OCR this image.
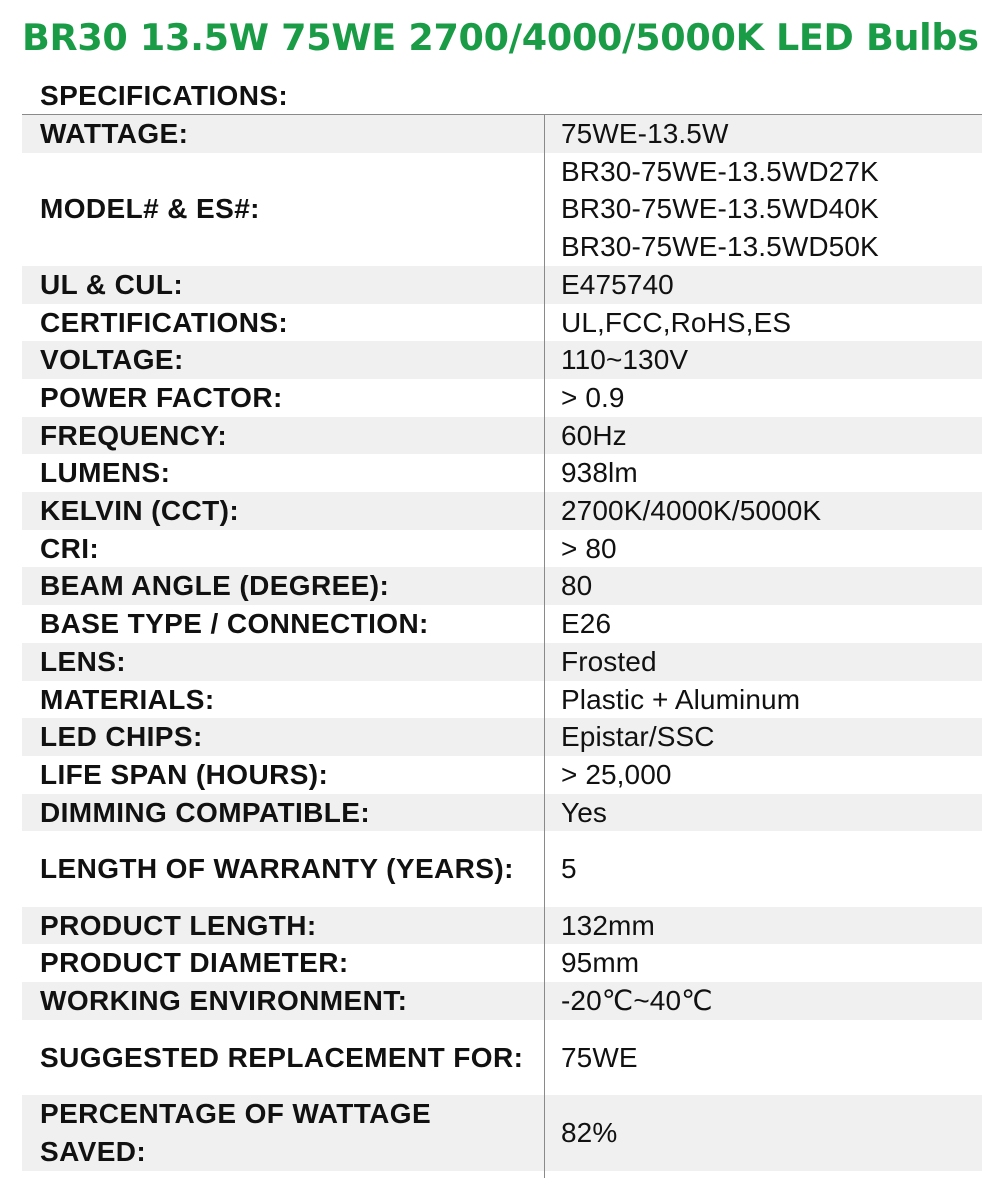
BR30 13.5W 75WE 2700/4000/5000K LED Bulbs
SPECIFICATIONS:
WATTAGE:	75WE-13.5W
MODEL# & ES#:	BR30-75WE-13.5WD27K
BR30-75WE-13.5WD40K
BR30-75WE-13.5WD50K

UL & CUL:	E475740
CERTIFICATIONS:	UL,FCC,RoHS,ES
VOLTAGE:	110~130V
POWER FACTOR:	> 0.9
FREQUENCY:	60Hz
LUMENS:	938lm
KELVIN (CCT):	2700K/4000K/5000K
CRI:	> 80
BEAM ANGLE (DEGREE):	80
BASE TYPE / CONNECTION:	E26
LENS:	Frosted
MATERIALS:	Plastic + Aluminum
LED CHIPS:	Epistar/SSC
LIFE SPAN (HOURS):	> 25,000
DIMMING COMPATIBLE:	Yes
LENGTH OF WARRANTY (YEARS):	5
PRODUCT LENGTH:	132mm
PRODUCT DIAMETER:	95mm
WORKING ENVIRONMENT:	-20℃~40℃
SUGGESTED REPLACEMENT FOR:	75WE
PERCENTAGE OF WATTAGE SAVED:	82%
